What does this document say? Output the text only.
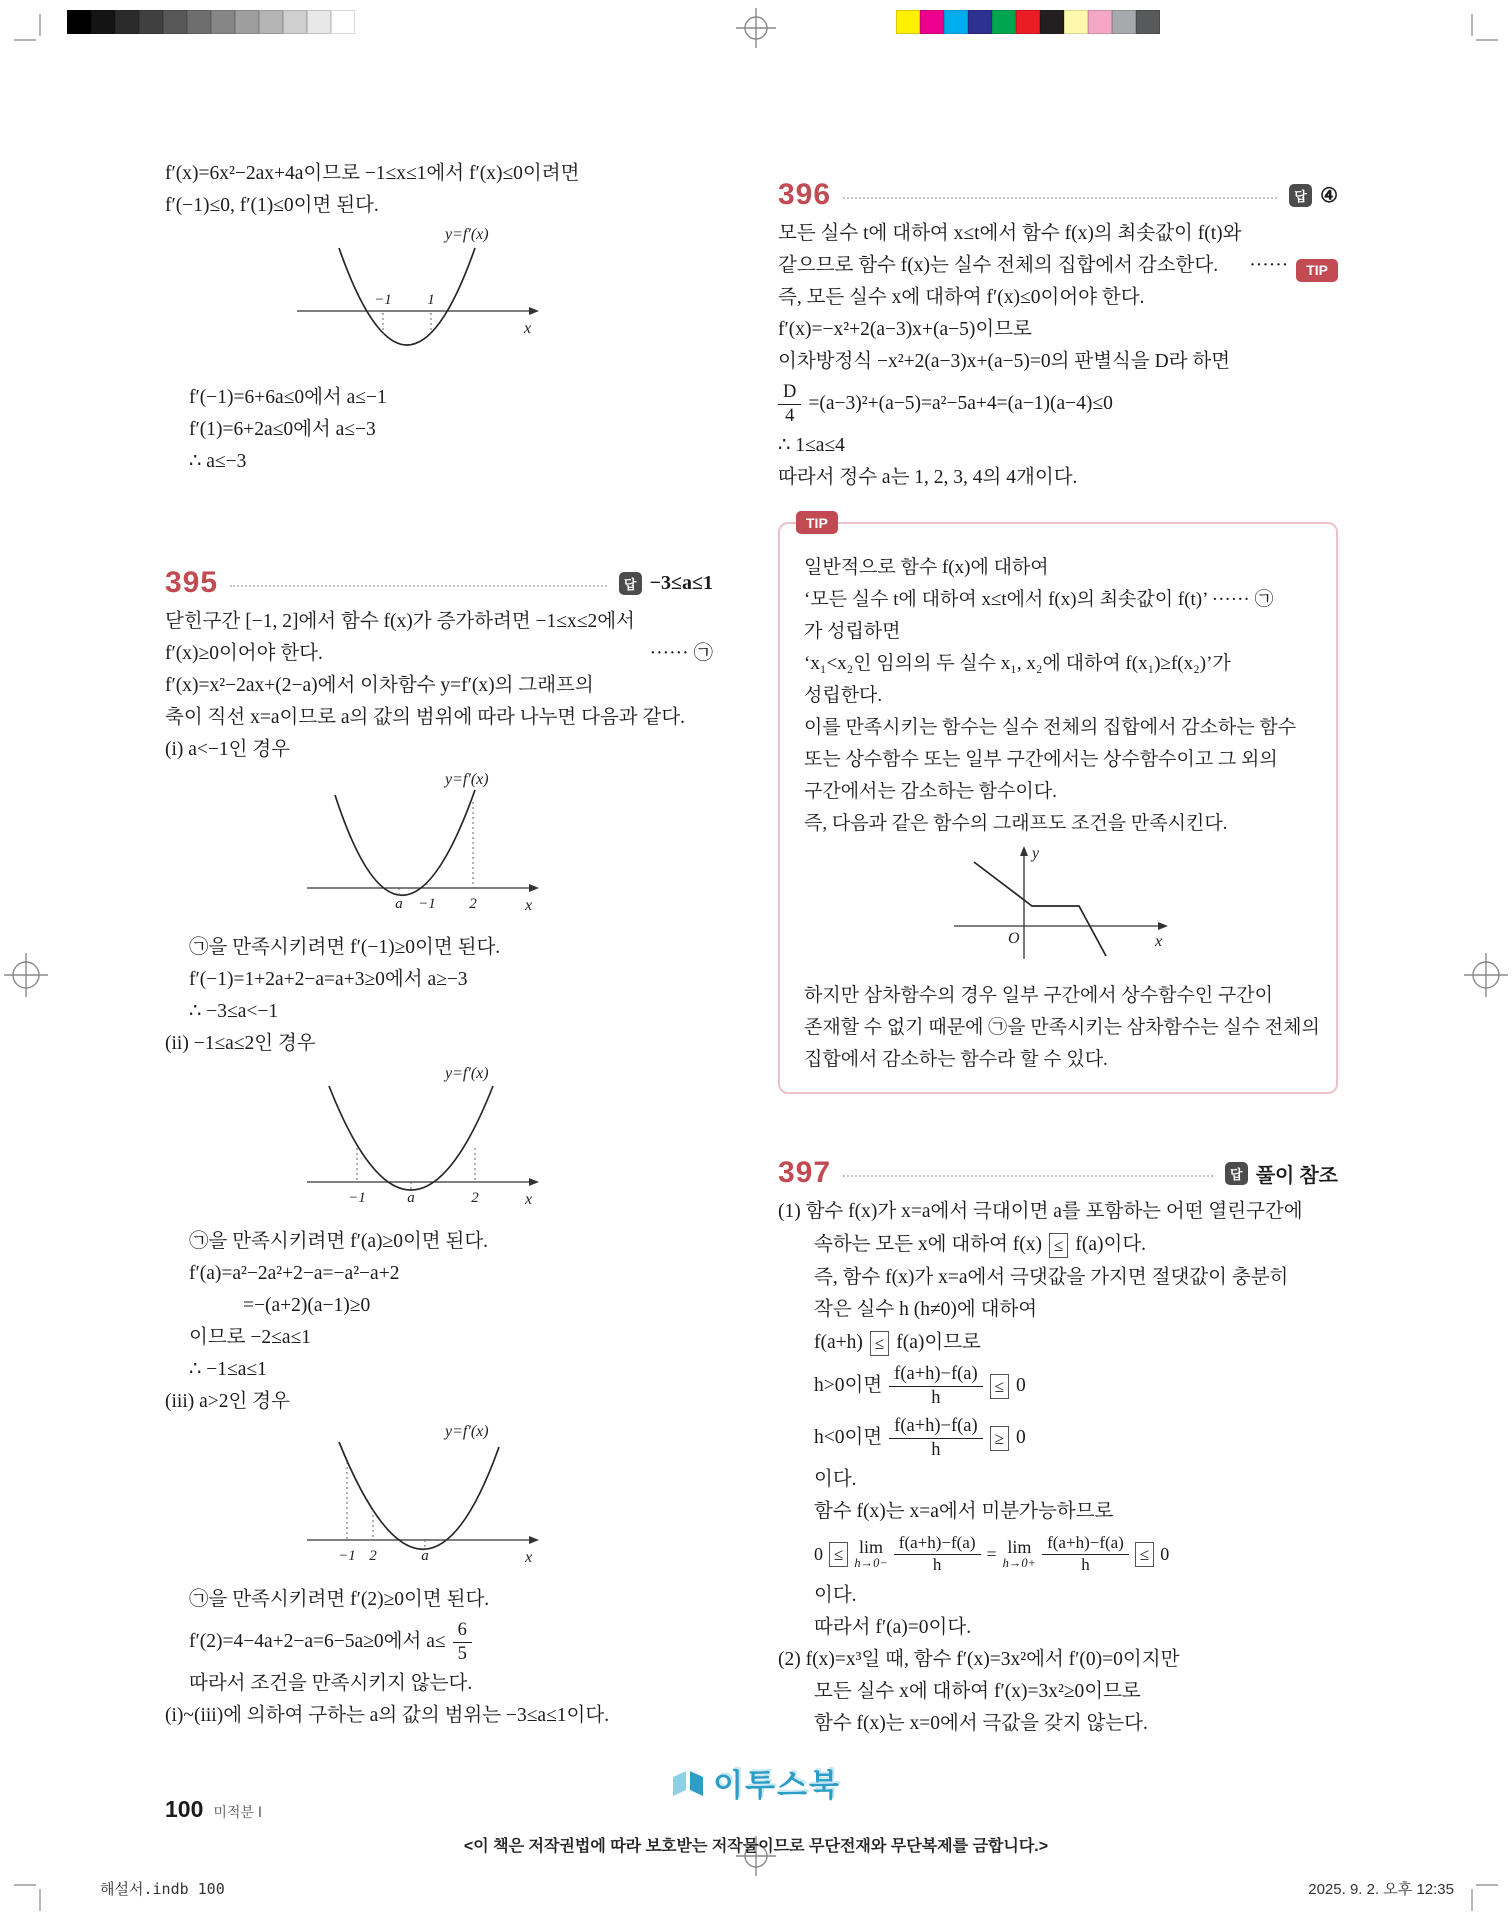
f′(x)=6x²−2ax+4a이므로 −1≤x≤1에서 f′(x)≤0이려면
f′(−1)≤0, f′(1)≤0이면 된다.
y=f′(x)
x
−1 1
f′(−1)=6+6a≤0에서 a≤−1
f′(1)=6+2a≤0에서 a≤−3
∴ a≤−3
395	답 −3≤a≤1
닫힌구간 [−1, 2]에서 함수 f(x)가 증가하려면 −1≤x≤2에서
f′(x)≥0이어야 한다.	······ ㉠
f′(x)=x²−2ax+(2−a)에서 이차함수 y=f′(x)의 그래프의
축이 직선 x=a이므로 a의 값의 범위에 따라 나누면 다음과 같다.
(i) a<−1인 경우
y=f′(x)
x
a −1 2
㉠을 만족시키려면 f′(−1)≥0이면 된다.
f′(−1)=1+2a+2−a=a+3≥0에서 a≥−3
∴ −3≤a<−1
(ii) −1≤a≤2인 경우
y=f′(x)
x
−1	a	2
㉠을 만족시키려면 f′(a)≥0이면 된다.
f′(a)=a²−2a²+2−a=−a²−a+2
=−(a+2)(a−1)≥0
이므로 −2≤a≤1
∴ −1≤a≤1
(iii) a>2인 경우
y=f′(x)
x
−1 2	a
㉠을 만족시키려면 f′(2)≥0이면 된다.
f′(2)=4−4a+2−a=6−5a≥0에서 $a\le \frac{6}{5}$
따라서 조건을 만족시키지 않는다.
(i)~(iii)에 의하여 구하는 a의 값의 범위는 −3≤a≤1이다.
396	답 ④
모든 실수 t에 대하여 x≤t에서 함수 f(x)의 최솟값이 f(t)와
같으므로 함수 f(x)는 실수 전체의 집합에서 감소한다. ······	TIP
즉, 모든 실수 x에 대하여 f′(x)≤0이어야 한다.
f′(x)=−x²+2(a−3)x+(a−5)이므로
이차방정식 −x²+2(a−3)x+(a−5)=0의 판별식을 D라 하면
$\frac{D}{4} =(a-3)^2+(a-5)=a^2-5a+4=(a-1)(a-4)\le 0$
∴ 1≤a≤4
따라서 정수 a는 1, 2, 3, 4의 4개이다.
TIP
일반적으로 함수 f(x)에 대하여
‘모든 실수 t에 대하여 x≤t에서 f(x)의 최솟값이 f(t)’ ······ ㉠
가 성립하면
‘x₁<x₂인 임의의 두 실수 x₁, x₂에 대하여 f(x₁)≥f(x₂)’가
성립한다.
이를 만족시키는 함수는 실수 전체의 집합에서 감소하는 함수
또는 상수함수 또는 일부 구간에서는 상수함수이고 그 외의
구간에서는 감소하는 함수이다.
즉, 다음과 같은 함수의 그래프도 조건을 만족시킨다.
y
x
O
하지만 삼차함수의 경우 일부 구간에서 상수함수인 구간이
존재할 수 없기 때문에 ㉠을 만족시키는 삼차함수는 실수 전체의
집합에서 감소하는 함수라 할 수 있다.
397	답 풀이 참조
(1) 함수 f(x)가 x=a에서 극대이면 a를 포함하는 어떤 열린구간에
속하는 모든 x에 대하여 f(x) ≤ f(a)이다.
즉, 함수 f(x)가 x=a에서 극댓값을 가지면 절댓값이 충분히
작은 실수 h (h≠0)에 대하여
f(a+h) ≤ f(a)이므로
h>0이면 $\frac{f(a+h)-f(a)}{h} \le 0$
h<0이면 $\frac{f(a+h)-f(a)}{h} \ge 0$
이다.
함수 f(x)는 x=a에서 미분가능하므로
0 ≤ lim
$h\to 0- \frac{f(a+h)-f(a)}{h} = \lim$
$h\to 0+ \frac{f(a+h)-f(a)}{h} \le 0$
이다.
따라서 f′(a)=0이다.
(2) f(x)=x³일 때, 함수 f′(x)=3x²에서 f′(0)=0이지만
모든 실수 x에 대하여 f′(x)=3x²≥0이므로
함수 f(x)는 x=0에서 극값을 갖지 않는다.
100 미적분 Ⅰ
이투스북
<이 책은 저작권법에 따라 보호받는 저작물이므로 무단전재와 무단복제를 금합니다.>
해설서.indb 100	2025. 9. 2. 오후 12:35
